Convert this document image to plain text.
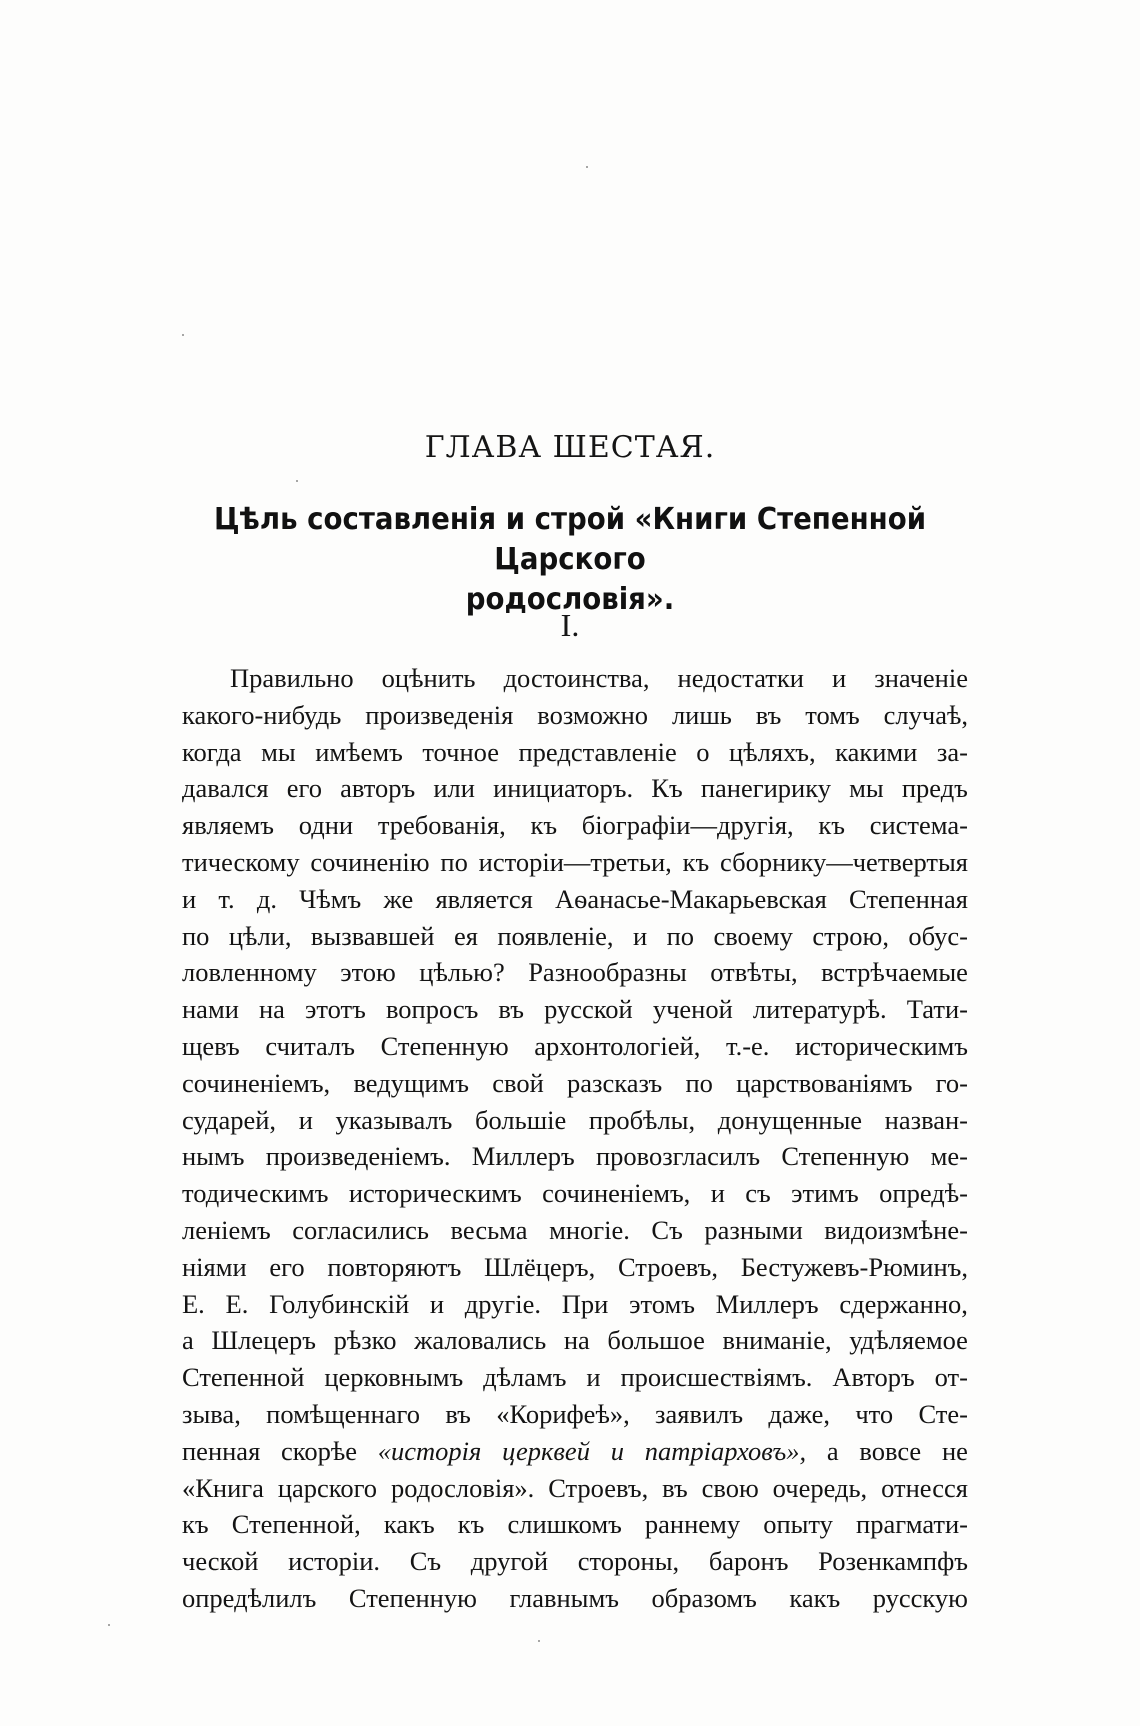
ГЛАВА ШЕСТАЯ.
Цѣль составленія и строй «Книги Степенной Царского
родословія».
I.
Правильно оцѣнить достоинства, недостатки и значеніе
какого-нибудь произведенія возможно лишь въ томъ случаѣ,
когда мы имѣемъ точное представленіе о цѣляхъ, какими за-
давался его авторъ или инициаторъ. Къ панегирику мы предъ
являемъ одни требованія, къ біографіи—другія, къ система-
тическому сочиненію по исторіи—третьи, къ сборнику—четвертыя
и т. д. Чѣмъ же является Аѳанасье-Макарьевская Степенная
по цѣли, вызвавшей ея появленіе, и по своему строю, обус-
ловленному этою цѣлью? Разнообразны отвѣты, встрѣчаемые
нами на этотъ вопросъ въ русской ученой литературѣ. Тати-
щевъ считалъ Степенную архонтологіей, т.-е. историческимъ
сочиненіемъ, ведущимъ свой разсказъ по царствованіямъ го-
сударей, и указывалъ большіе пробѣлы, донущенные назван-
нымъ произведеніемъ. Миллеръ провозгласилъ Степенную ме-
тодическимъ историческимъ сочиненіемъ, и съ этимъ опредѣ-
леніемъ согласились весьма многіе. Съ разными видоизмѣне-
ніями его повторяютъ Шлёцеръ, Строевъ, Бестужевъ-Рюминъ,
Е. Е. Голубинскій и другіе. При этомъ Миллеръ сдержанно,
а Шлецеръ рѣзко жаловались на большое вниманіе, удѣляемое
Степенной церковнымъ дѣламъ и происшествіямъ. Авторъ от-
зыва, помѣщеннаго въ «Корифеѣ», заявилъ даже, что Сте-
пенная скорѣе «исторія церквей и патріарховъ», а вовсе не
«Книга царского родословія». Строевъ, въ свою очередь, отнесся
къ Степенной, какъ къ слишкомъ раннему опыту прагмати-
ческой исторіи. Съ другой стороны, баронъ Розенкампфъ
опредѣлилъ Степенную главнымъ образомъ какъ русскую
